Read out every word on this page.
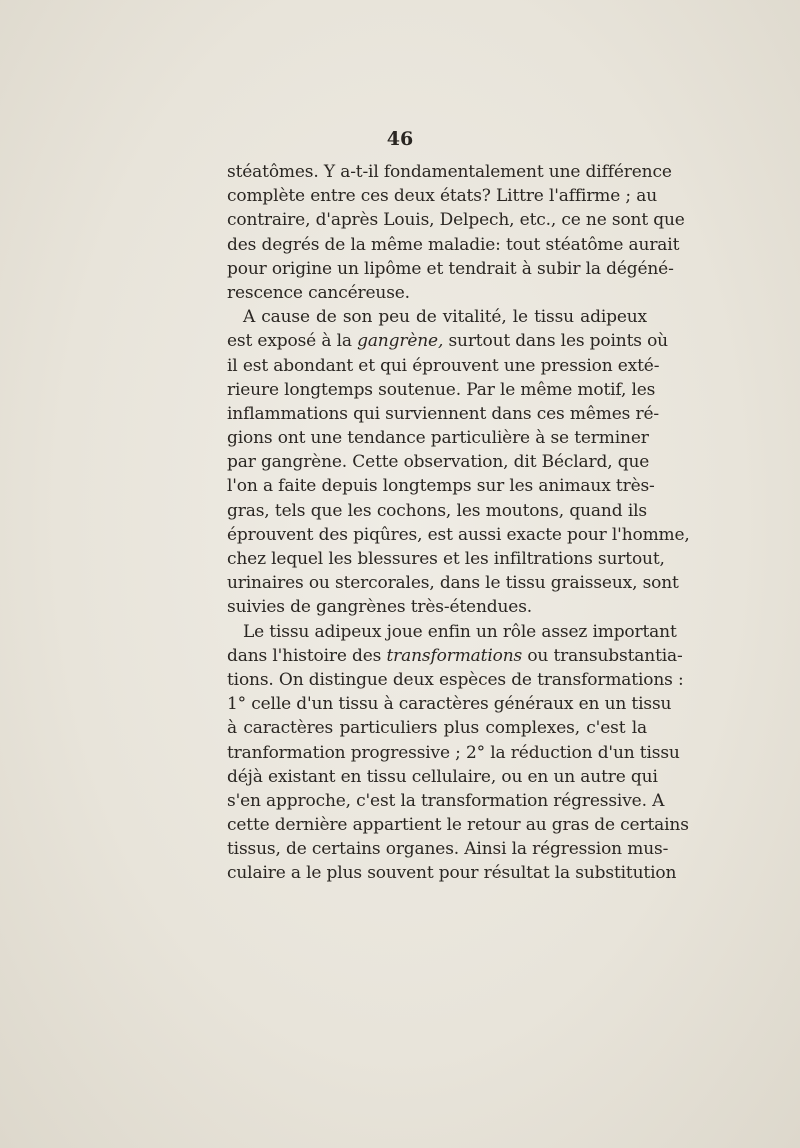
46
stéatômes. Y a-t-il fondamentalement une différence
complète entre ces deux états? Littre l'affirme ; au
contraire, d'après Louis, Delpech, etc., ce ne sont que
des degrés de la même maladie: tout stéatôme aurait
pour origine un lipôme et tendrait à subir la dégéné-
rescence cancéreuse.
A cause de son peu de vitalité, le tissu adipeux
est exposé à la gangrène, surtout dans les points où
il est abondant et qui éprouvent une pression exté-
rieure longtemps soutenue. Par le même motif, les
inflammations qui surviennent dans ces mêmes ré-
gions ont une tendance particulière à se terminer
par gangrène. Cette observation, dit Béclard, que
l'on a faite depuis longtemps sur les animaux très-
gras, tels que les cochons, les moutons, quand ils
éprouvent des piqûres, est aussi exacte pour l'homme,
chez lequel les blessures et les infiltrations surtout,
urinaires ou stercorales, dans le tissu graisseux, sont
suivies de gangrènes très-étendues.
Le tissu adipeux joue enfin un rôle assez important
dans l'histoire des transformations ou transubstantia-
tions. On distingue deux espèces de transformations :
1° celle d'un tissu à caractères généraux en un tissu
à caractères particuliers plus complexes, c'est la
tranformation progressive ; 2° la réduction d'un tissu
déjà existant en tissu cellulaire, ou en un autre qui
s'en approche, c'est la transformation régressive. A
cette dernière appartient le retour au gras de certains
tissus, de certains organes. Ainsi la régression mus-
culaire a le plus souvent pour résultat la substitution
